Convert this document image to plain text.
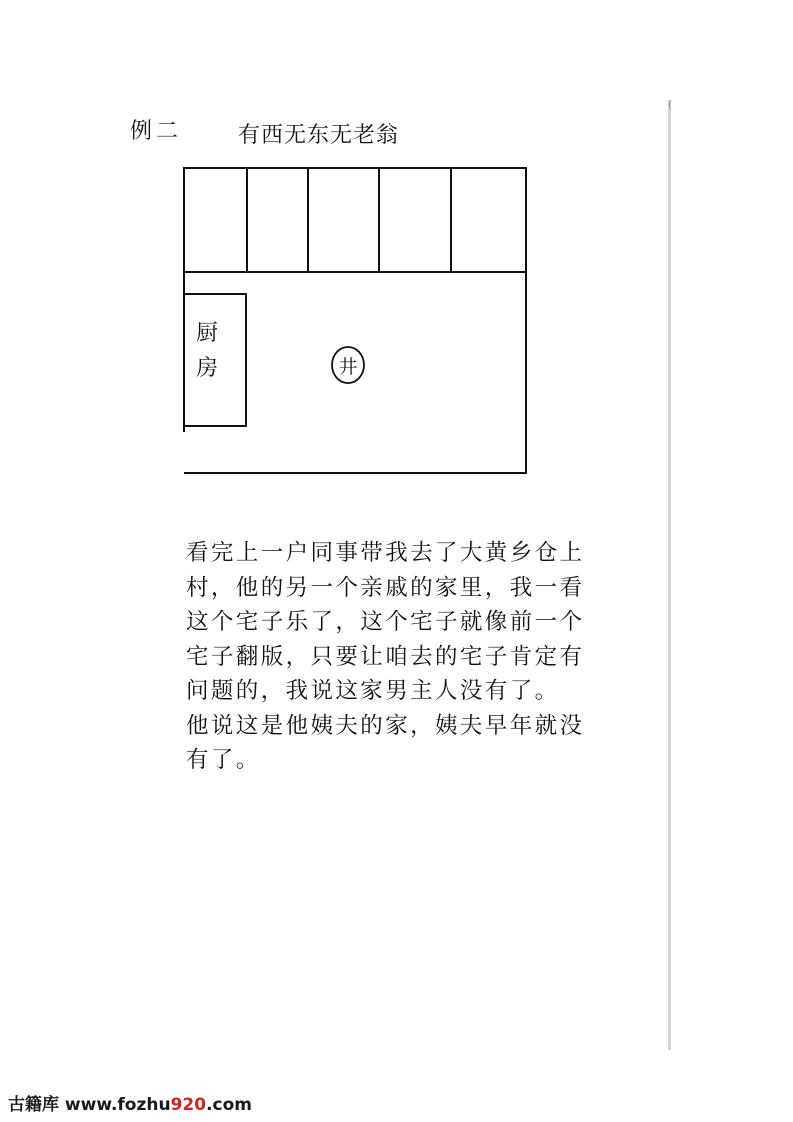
(
例二	有西无东无老翁
厨
房	井

看完上一户同事带我去了大黄乡仓上村，他的另一个亲戚的家里，我一看这个宅子乐了，这个宅子就像前一个宅子翻版，只要让咱去的宅子肯定有问题的，我说这家男主人没有了。

他说这是他姨夫的家，姨夫早年就没有了。

古籍库 www.fozhu920.com
